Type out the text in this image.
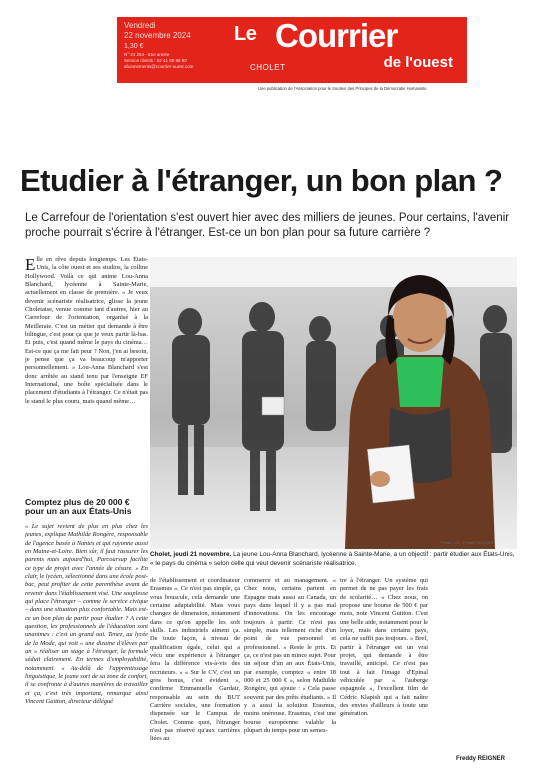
Vendredi
22 novembre 2024
1,30 €
N° 24 264 - 81e année
Service clients : 02 41 80 88 80
abonnements@courrier-ouest.com
Le Courrier
de l'ouest
CHOLET
Une publication de l'Association pour le Soutien des Principes de la Démocratie Humaniste
Etudier à l'étranger, un bon plan ?
Le Carrefour de l'orientation s'est ouvert hier avec des milliers de jeunes. Pour certains, l'avenir proche pourrait s'écrire à l'étranger. Est-ce un bon plan pour sa future carrière ?
Elle en rêve depuis longtemps. Les États-Unis, la côte ouest et ses studios, la colline Hollywood. Voilà ce qui anime Lou-Anna Blanchard, lycéenne à Sainte-Marie, actuellement en classe de première. « Je veux devenir scénariste réalisatrice, glisse la jeune Choletaise, venue comme tant d'autres, hier au Carrefour de l'orientation, organisé à la Meilleraie. C'est un métier qui demande à être bilingue, c'est pour ça que je veux partir là-bas. Et puis, c'est quand même le pays du cinéma… Est-ce que ça me fait peur ? Non, j'en ai besoin, je pense que ça va beaucoup m'apporter personnellement. » Lou-Anna Blanchard s'est donc arrêtée au stand tenu par l'enseigne EF International, une boîte spécialisée dans le placement d'étudiants à l'étranger. Ce n'était pas le stand le plus couru, mais quand même…
Comptez plus de 20 000 € pour un an aux États-Unis
« Le sujet revient de plus en plus chez les jeunes, explique Mathilde Rongère, responsable de l'agence basée à Nantes et qui rayonne aussi en Maine-et-Loire. Bien sûr, il faut rassurer les parents mais aujourd'hui, Parcoursup facilite ce type de projet avec l'année de césure. » En clair, le lycéen, sélectionné dans une école post-bac, peut profiter de cette parenthèse avant de revenir dans l'établissement visé. Une souplesse qui place l'étranger – comme le service civique – dans une situation plus confortable. Mais est-ce un bon plan de partir pour étudier ? A cette question, les professionnels de l'éducation sont unanimes : c'est un grand oui. Tenez, au lycée de la Mode, qui voit « une dizaine d'élèves par an » réaliser un stage à l'étranger, la formule séduit clairement. En termes d'employabilité, notamment. « Au-delà de l'apprentissage linguistique, le jeune sort de sa zone de confort, il se confronte à d'autres manières de travailler et ça, c'est très important, remarque ainsi Vincent Guitton, directeur délégué
Photo : CO - Freddy REIGNER
Cholet, jeudi 21 novembre. La jeune Lou-Anna Blanchard, lycéenne à Sainte-Marie, a un objectif : partir étudier aux États-Unis, « le pays du cinéma » selon celle qui veut devenir scénariste réalisatrice.
de l'établissement et coordinateur Erasmus ». Ce n'est pas simple, ça vous bouscule, cela demande une certaine adaptabilité. Mais vous changez de dimension, notamment dans ce qu'on appelle les soft skills. Les industriels aiment ça. De toute façon, à niveau de qualification égale, celui qui a vécu une expérience à l'étranger fera la différence vis-à-vis des recruteurs. » « Sur le CV, c'est un gros bonus, c'est évident », confirme Emmanuelle Gardair, responsable au sein du BUT Carrière sociales, une formation dispensée sur le Campus de Cholet. Comme quoi, l'étranger n'est pas réservé qu'aux carrières liées au
commerce et au management. « Chez nous, certains partent en Espagne mais aussi au Canada, un pays dans lequel il y a pas mal d'innovations. On les encourage toujours à partir. Ce n'est pas simple, mais tellement riche d'un point de vue personnel et professionnel. » Reste le prix. Et ça, ce n'est pas un mince sujet. Pour un séjour d'un an aux États-Unis, par exemple, comptez « entre 18 000 et 25 000 € », selon Mathilde Rongère, qui ajoute : « Cela passe souvent par des prêts étudiants. » Il y a aussi la solution Erasmus, moins onéreuse. Erasmus, c'est une bourse européenne valable la plupart du temps pour un semes-
tre à l'étranger. Un système qui permet de ne pas payer les frais de scolarité… « Chez nous, on propose une bourse de 500 € par mois, note Vincent Guitton. C'est une belle aide, notamment pour le loyer, mais dans certains pays, cela ne suffit pas toujours. » Bref, partir à l'étranger est un vrai projet, qui demande à être travaillé, anticipé. Ce n'est pas tout à fait l'image d'Epinal véhiculée par « l'auberge espagnole », l'excellent film de Cédric Klapish qui a fait naître des envies d'ailleurs à toute une génération.
Freddy REIGNER
